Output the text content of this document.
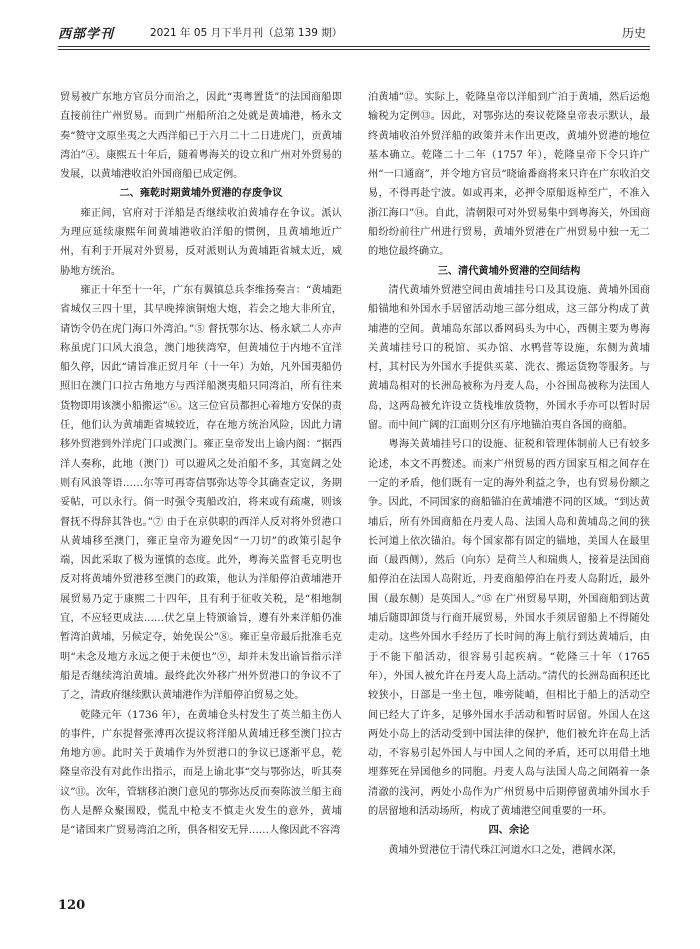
西部学刊	2021 年 05 月下半月刊（总第 139 期）	历史

贸易被广东地方官员分而治之，因此“夷粤置货”的法国商船即直接前往广州贸易。而到广州船所泊之处就是黄埔港，杨永文奏“赞守文原坐夷之大西洋船已于六月二十二日进虎门，贡黄埔湾泊”④。康熙五十年后，随着粤海关的设立和广州对外贸易的发展，以黄埔港收泊外国商船已成定例。

二、雍乾时期黄埔外贸港的存废争议

雍正间，官府对于洋船是否继续收泊黄埔存在争议。派认为理应延续康熙年间黄埔港收泊洋船的惯例，且黄埔地近广州，有利于开展对外贸易，反对派则认为黄埔距省城太近，威胁地方统治。

雍正十年至十一年，广东有翼镇总兵李维扬奏言：“黄埔距省城仅三四十里，其早晚捧演铜炮大炮，若会之地大非所宜，请饬令仍在虎门海口外湾泊。”⑤ 督抚鄂尔达、杨永斌二人亦声称虽虎门口风大浪急，澳门地狭湾窄，但黄埔位于内地不宜洋船久停，因此“请旨准正贸月年（十一年）为始，凡外国夷船仍照旧在澳门口拉古角地方与西洋船澳夷船只同湾泊，所有往来货物即用该澳小船搬运”⑥。这三位官员都担心着地方安保的责任，他们认为黄埔距省城较近，存在地方统治风险，因此力请移外贸港到外洋虎门口或澳门。雍正皇帝发出上谕内阁：“据西洋人奏称，此地（澳门）可以避风之处泊船不多，其宽阔之处则有风浪等语……尔等可再寄信鄂弥达等令其确查定议，务期妥帖，可以永行。倘一时强令夷船改泊，将来或有疏虞，则该督抚不得辞其咎也。”⑦ 由于在京供职的西洋人反对将外贸港口从黄埔移至澳门，雍正皇帝为避免因“一刀切”的政策引起争端，因此采取了极为谨慎的态度。此外，粤海关监督毛克明也反对将黄埔外贸港移至澳门的政策，他认为洋船停泊黄埔港开展贸易乃定于康熙二十四年，且有利于征收关税，是“相地制宜，不应轻更成法……伏乞皇上特颁谕旨，遵有外来洋船仍准暂湾泊黄埔，另候定夺，始免误公”⑧。雍正皇帝最后批准毛克明“未念及地方永远之便于未便也”⑨，却并未发出谕旨指示洋船是否继续湾泊黄埔。最终此次外移广州外贸港口的争议不了了之，清政府继续默认黄埔港作为洋船停泊贸易之处。

乾隆元年（1736 年），在黄埔仓头村发生了英兰船主伤人的事件，广东提督张溥再次提议将洋船从黄埔迁移至澳门拉古角地方⑩。此时关于黄埔作为外贸港口的争议已逐渐平息，乾隆皇帝没有对此作出指示，而是上谕北事“交与鄂弥达，听其奏议”⑪。次年，管辖移泊澳门意见的鄂弥达反而奏陈波兰船主商伤人是醉众聚围殴，慌乱中枪支不慎走火发生的意外，黄埔是“诸国来广贸易湾泊之所，俱各相安无异……人像因此不容湾

泊黄埔”⑫。实际上，乾隆皇帝以洋船到广泊于黄埔，然后运炮输税为定例⑬。因此，对鄂弥达的奏议乾隆皇帝表示默认，最终黄埔收泊外贸洋船的政策并未作出更改，黄埔外贸港的地位基本确立。乾隆二十二年（1757 年），乾隆皇帝下令只许广州“一口通商”，并令地方官员“晓谕番商将来只许在广东收泊交易，不得再赴宁波。如或再来，必押令原船返棹至广，不准入浙江海口”⑭。自此，清朝限可对外贸易集中到粤海关，外国商船纷纷前往广州进行贸易，黄埔外贸港在广州贸易中独一无二的地位最终确立。

三、清代黄埔外贸港的空间结构

清代黄埔外贸港空间由黄埔挂号口及其设施、黄埔外国商船锚地和外国水手居留活动地三部分组成，这三部分构成了黄埔港的空间。黄埔岛东部以番网码头为中心，西侧主要为粤海关黄埔挂号口的税馆、买办馆、水鸭营等设施，东侧为黄埔村，其村民为外国水手提供买菜、洗衣、搬运货物等服务。与黄埔岛相对的长洲岛被称为丹麦人岛，小谷围岛被称为法国人岛，这两岛被允许设立货栈堆放货物，外国水手亦可以暂时居留。而中间广阔的江面则分区有序地锚泊夷自各国的商船。

粤海关黄埔挂号口的设施、征税和管理体制前人已有较多论述，本文不再赘述。而来广州贸易的西方国家互相之间存在一定的矛盾，他们既有一定的海外利益之争，也有贸易份额之争。因此，不同国家的商船锚泊在黄埔港不同的区域。“到达黄埔后，所有外国商船在丹麦人岛、法国人岛和黄埔岛之间的狭长河道上依次锚泊。每个国家都有固定的锚地，美国人在最里面（最西侧），然后（向东）是荷兰人和瑞典人，接着是法国商船停泊在法国人岛附近，丹麦商船停泊在丹麦人岛附近，最外围（最东侧）是英国人。”⑮ 在广州贸易早期，外国商船到达黄埔后随即卸货与行商开展贸易，外国水手须居留船上不得随处走动。这些外国水手经历了长时间的海上航行到达黄埔后，由于不能下船活动，很容易引起疾病。“乾隆三十年（1765 年），外国人被允许在丹麦人岛上活动。”清代的长洲岛面积还比较狭小，日部是一坐土包，唯旁陡峭，但相比于船上的活动空间已经大了许多，足够外国水手活动和暂时居留。外国人在这两处小岛上的活动受到中国法律的保护，他们被允许在岛上活动，不容易引起外国人与中国人之间的矛盾，还可以用借土地埋葬死在异国他乡的同胞。丹麦人岛与法国人岛之间隔着一条清澈的浅河，两处小岛作为广州贸易中后期停留黄埔外国水手的居留地和活动场所，构成了黄埔港空间重要的一环。

四、余论

黄埔外贸港位于清代珠江河道水口之处，港阔水深，

120
